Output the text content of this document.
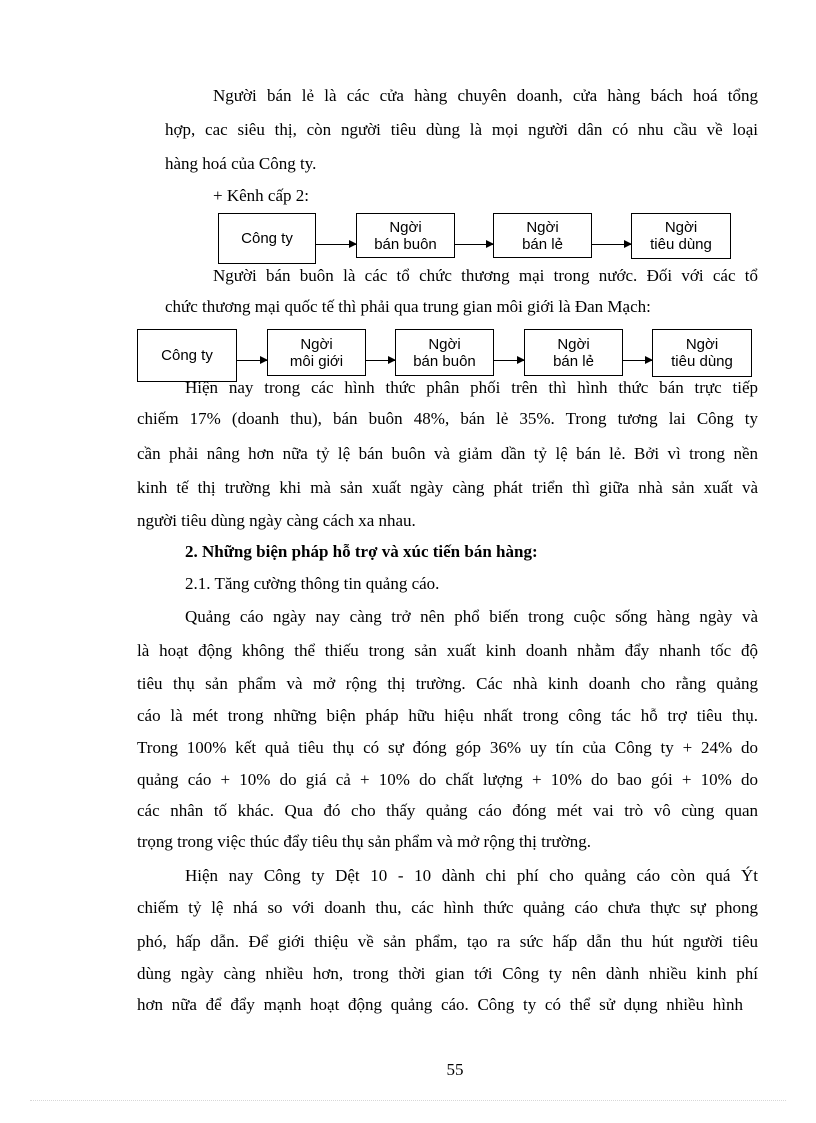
Người bán lẻ là các cửa hàng chuyên doanh, cửa hàng bách hoá tổng
hợp, cac siêu thị, còn người tiêu dùng là mọi người dân có nhu cầu về loại
hàng hoá của Công ty.
+ Kênh cấp 2:
Công ty
Ngời
bán buôn
Ngời
bán lẻ
Ngời
tiêu dùng
Người bán buôn là các tổ chức thương mại trong nước. Đối với các tổ
chức thương mại quốc tế thì phải qua trung gian môi giới là Đan Mạch:
Công ty
Ngời
môi giới
Ngời
bán buôn
Ngời
bán lẻ
Ngời
tiêu dùng
Hiện nay trong các hình thức phân phối trên thì hình thức bán trực tiếp
chiếm 17% (doanh thu), bán buôn 48%, bán lẻ 35%. Trong tương lai Công ty
cần phải nâng hơn nữa tỷ lệ bán buôn và giảm dần tỷ lệ bán lẻ. Bởi vì trong nền
kinh tế thị trường khi mà sản xuất ngày càng phát triển thì giữa nhà sản xuất và
người tiêu dùng ngày càng cách xa nhau.
2. Những biện pháp hỗ trợ và xúc tiến bán hàng:
2.1. Tăng cường thông tin quảng cáo.
Quảng cáo ngày nay càng trở nên phổ biến trong cuộc sống hàng ngày và
là hoạt động không thể thiếu trong sản xuất kinh doanh nhằm đẩy nhanh tốc độ
tiêu thụ sản phẩm và mở rộng thị trường. Các nhà kinh doanh cho rằng quảng
cáo là mét trong những biện pháp hữu hiệu nhất trong công tác hỗ trợ tiêu thụ.
Trong 100% kết quả tiêu thụ có sự đóng góp 36% uy tín của Công ty + 24% do
quảng cáo + 10% do giá cả + 10% do chất lượng + 10% do bao gói + 10% do
các nhân tố khác. Qua đó cho thấy quảng cáo đóng mét vai trò vô cùng quan
trọng trong việc thúc đẩy tiêu thụ sản phẩm và mở rộng thị trường.
Hiện nay Công ty Dệt 10 - 10 dành chi phí cho quảng cáo còn quá Ýt
chiếm tỷ lệ nhá so với doanh thu, các hình thức quảng cáo chưa thực sự phong
phó, hấp dẫn. Để giới thiệu về sản phẩm, tạo ra sức hấp dẫn thu hút người tiêu
dùng ngày càng nhiều hơn, trong thời gian tới Công ty nên dành nhiều kinh phí
hơn nữa để đẩy mạnh hoạt động quảng cáo. Công ty có thể sử dụng nhiều hình
55
